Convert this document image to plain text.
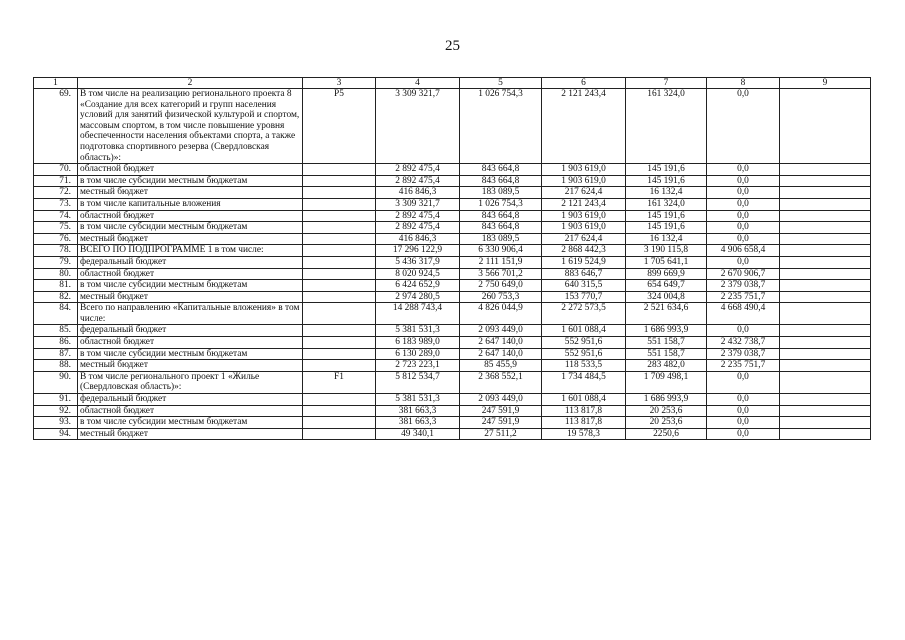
25
1	2	3	4	5	6	7	8	9
69.	В том числе на реализацию регионального проекта 8 «Создание для всех категорий и групп населения условий для занятий физической культурой и спортом, массовым спортом, в том числе повышение уровня обеспеченности населения объектами спорта, а также подготовка спортивного резерва (Свердловская область)»:	P5	3 309 321,7	1 026 754,3	2 121 243,4	161 324,0	0,0	
70.	областной бюджет		2 892 475,4	843 664,8	1 903 619,0	145 191,6	0,0	
71.	в том числе субсидии местным бюджетам		2 892 475,4	843 664,8	1 903 619,0	145 191,6	0,0	
72.	местный бюджет		416 846,3	183 089,5	217 624,4	16 132,4	0,0	
73.	в том числе капитальные вложения		3 309 321,7	1 026 754,3	2 121 243,4	161 324,0	0,0	
74.	областной бюджет		2 892 475,4	843 664,8	1 903 619,0	145 191,6	0,0	
75.	в том числе субсидии местным бюджетам		2 892 475,4	843 664,8	1 903 619,0	145 191,6	0,0	
76.	местный бюджет		416 846,3	183 089,5	217 624,4	16 132,4	0,0	
78.	ВСЕГО ПО ПОДПРОГРАММЕ 1 в том числе:		17 296 122,9	6 330 906,4	2 868 442,3	3 190 115,8	4 906 658,4	
79.	федеральный бюджет		5 436 317,9	2 111 151,9	1 619 524,9	1 705 641,1	0,0	
80.	областной бюджет		8 020 924,5	3 566 701,2	883 646,7	899 669,9	2 670 906,7	
81.	в том числе субсидии местным бюджетам		6 424 652,9	2 750 649,0	640 315,5	654 649,7	2 379 038,7	
82.	местный бюджет		2 974 280,5	260 753,3	153 770,7	324 004,8	2 235 751,7	
84.	Всего по направлению «Капитальные вложения» в том числе:		14 288 743,4	4 826 044,9	2 272 573,5	2 521 634,6	4 668 490,4	
85.	федеральный бюджет		5 381 531,3	2 093 449,0	1 601 088,4	1 686 993,9	0,0	
86.	областной бюджет		6 183 989,0	2 647 140,0	552 951,6	551 158,7	2 432 738,7	
87.	в том числе субсидии местным бюджетам		6 130 289,0	2 647 140,0	552 951,6	551 158,7	2 379 038,7	
88.	местный бюджет		2 723 223,1	85 455,9	118 533,5	283 482,0	2 235 751,7	
90.	В том числе регионального проект 1 «Жилье (Свердловская область)»:	F1	5 812 534,7	2 368 552,1	1 734 484,5	1 709 498,1	0,0	
91.	федеральный бюджет		5 381 531,3	2 093 449,0	1 601 088,4	1 686 993,9	0,0	
92.	областной бюджет		381 663,3	247 591,9	113 817,8	20 253,6	0,0	
93.	в том числе субсидии местным бюджетам		381 663,3	247 591,9	113 817,8	20 253,6	0,0	
94.	местный бюджет		49 340,1	27 511,2	19 578,3	2250,6	0,0	
